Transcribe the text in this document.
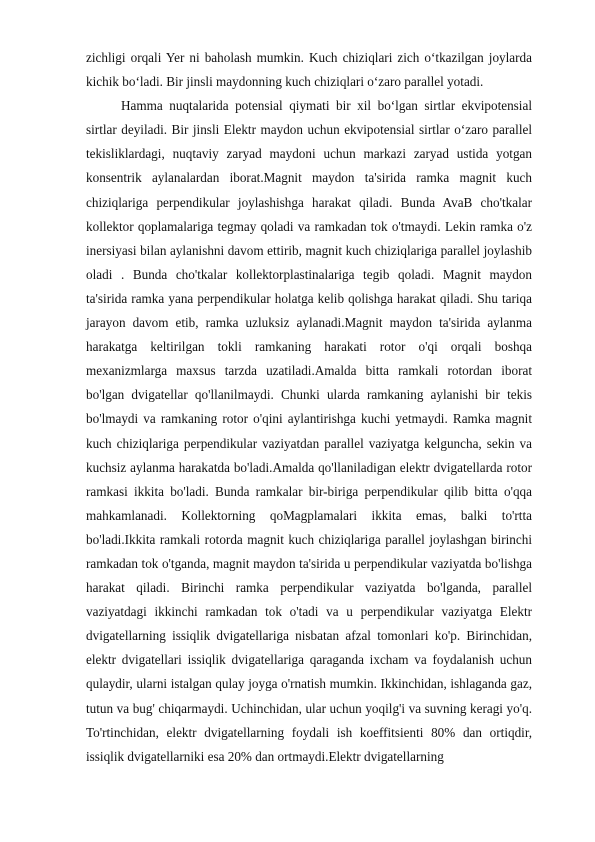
zichligi orqali Yer ni baholash mumkin. Kuch chiziqlari zich oʻtkazilgan joylarda kichik boʻladi. Bir jinsli maydonning kuch chiziqlari oʻzaro parallel yotadi.

Hamma nuqtalarida potensial qiymati bir xil boʻlgan sirtlar ekvipotensial sirtlar deyiladi. Bir jinsli Elektr maydon uchun ekvipotensial sirtlar oʻzaro parallel tekisliklardagi, nuqtaviy zaryad maydoni uchun markazi zaryad ustida yotgan konsentrik aylanalardan iborat.Magnit maydon ta'sirida ramka magnit kuch chiziqlariga perpendikular joylashishga harakat qiladi. Bunda AvaB cho'tkalar kollektor qoplamalariga tegmay qoladi va ramkadan tok o'tmaydi. Lekin ramka o'z inersiyasi bilan aylanishni davom ettirib, magnit kuch chiziqlariga parallel joylashib oladi . Bunda cho'tkalar kollektorplastinalariga tegib qoladi. Magnit maydon ta'sirida ramka yana perpendikular holatga kelib qolishga harakat qiladi. Shu tariqa jarayon davom etib, ramka uzluksiz aylanadi.Magnit maydon ta'sirida aylanma harakatga keltirilgan tokli ramkaning harakati rotor o'qi orqali boshqa mexanizmlarga maxsus tarzda uzatiladi.Amalda bitta ramkali rotordan iborat bo'lgan dvigatellar qo'llanilmaydi. Chunki ularda ramkaning aylanishi bir tekis bo'lmaydi va ramkaning rotor o'qini aylantirishga kuchi yetmaydi. Ramka magnit kuch chiziqlariga perpendikular vaziyatdan parallel vaziyatga kelguncha, sekin va kuchsiz aylanma harakatda bo'ladi.Amalda qo'llaniladigan elektr dvigatellarda rotor ramkasi ikkita bo'ladi. Bunda ramkalar bir-biriga perpendikular qilib bitta o'qqa mahkamlanadi. Kollektorning qoMagplamalari ikkita emas, balki to'rtta bo'ladi.Ikkita ramkali rotorda magnit kuch chiziqlariga parallel joylashgan birinchi ramkadan tok o'tganda, magnit maydon ta'sirida u perpendikular vaziyatda bo'lishga harakat qiladi. Birinchi ramka perpendikular vaziyatda bo'lganda, parallel vaziyatdagi ikkinchi ramkadan tok o'tadi va u perpendikular vaziyatga Elektr dvigatellarning issiqlik dvigatellariga nisbatan afzal tomonlari ko'p. Birinchidan, elektr dvigatellari issiqlik dvigatellariga qaraganda ixcham va foydalanish uchun qulaydir, ularni istalgan qulay joyga o'rnatish mumkin. Ikkinchidan, ishlaganda gaz, tutun va bug' chiqarmaydi. Uchinchidan, ular uchun yoqilg'i va suvning keragi yo'q. To'rtinchidan, elektr dvigatellarning foydali ish koeffitsienti 80% dan ortiqdir, issiqlik dvigatellarniki esa 20% dan ortmaydi.Elektr dvigatellarning
